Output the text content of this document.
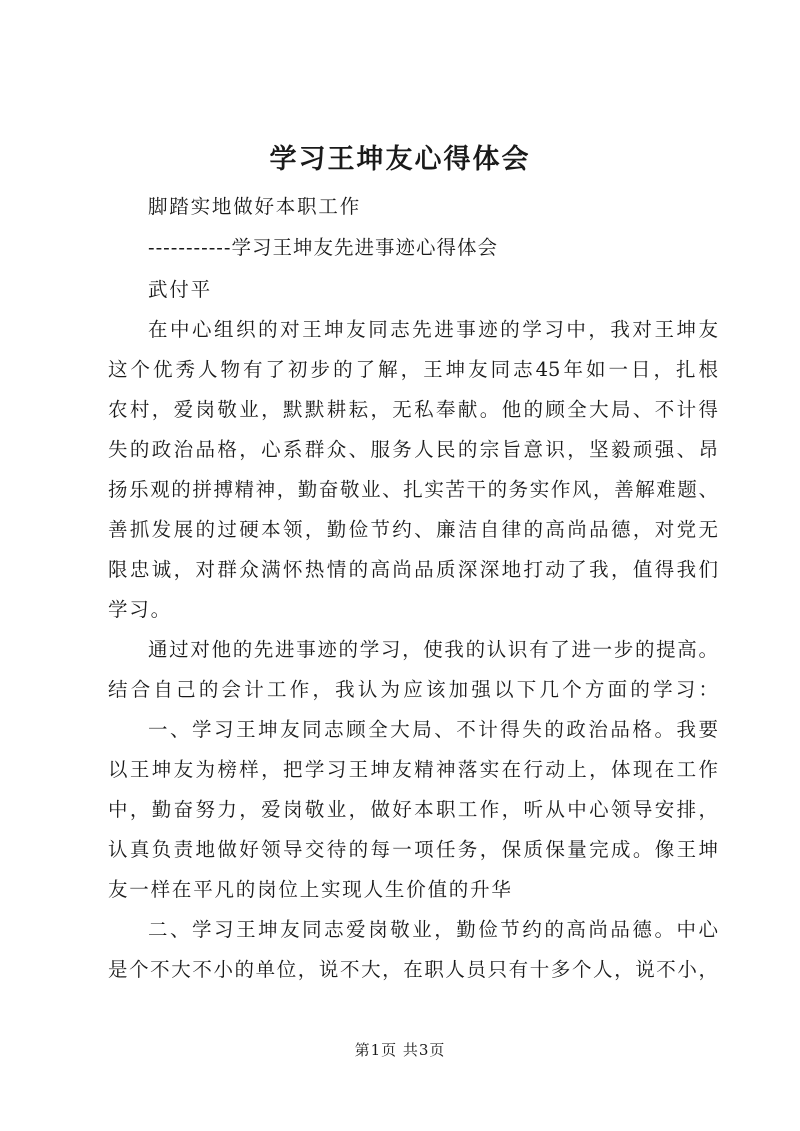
学习王坤友心得体会
脚踏实地做好本职工作
-----------学习王坤友先进事迹心得体会
武付平
在中心组织的对王坤友同志先进事迹的学习中，我对王坤友
这个优秀人物有了初步的了解，王坤友同志45年如一日，扎根
农村，爱岗敬业，默默耕耘，无私奉献。他的顾全大局、不计得
失的政治品格，心系群众、服务人民的宗旨意识，坚毅顽强、昂
扬乐观的拼搏精神，勤奋敬业、扎实苦干的务实作风，善解难题、
善抓发展的过硬本领，勤俭节约、廉洁自律的高尚品德，对党无
限忠诚，对群众满怀热情的高尚品质深深地打动了我，值得我们
学习。
通过对他的先进事迹的学习，使我的认识有了进一步的提高。
结合自己的会计工作，我认为应该加强以下几个方面的学习：
一、学习王坤友同志顾全大局、不计得失的政治品格。我要
以王坤友为榜样，把学习王坤友精神落实在行动上，体现在工作
中，勤奋努力，爱岗敬业，做好本职工作，听从中心领导安排，
认真负责地做好领导交待的每一项任务，保质保量完成。像王坤
友一样在平凡的岗位上实现人生价值的升华
二、学习王坤友同志爱岗敬业，勤俭节约的高尚品德。中心
是个不大不小的单位，说不大，在职人员只有十多个人，说不小，
第1页 共3页
